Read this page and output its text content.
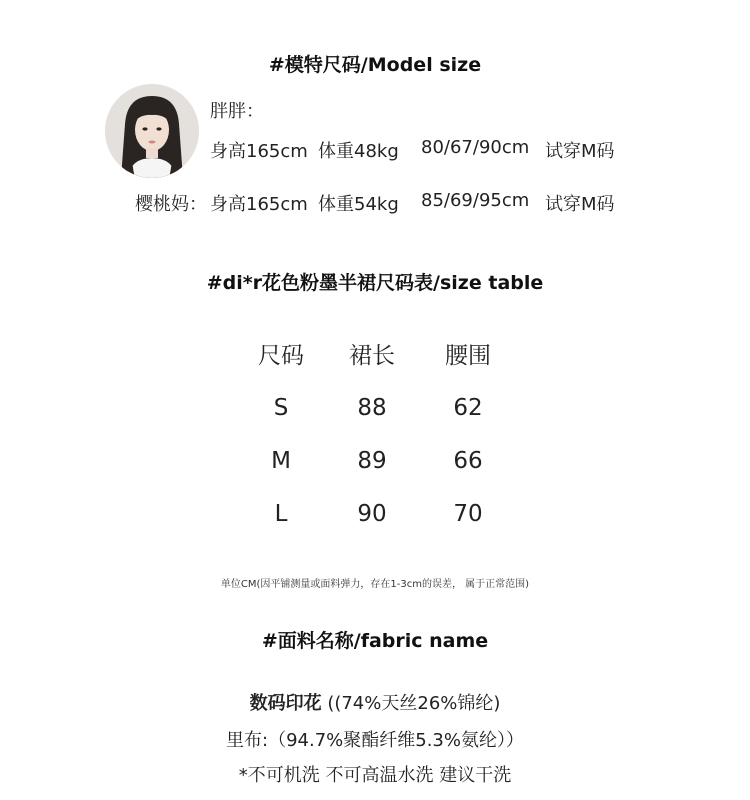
#模特尺码/Model size
胖胖：
身高165cm 体重48kg 80/67/90cm 试穿M码
樱桃妈： 身高165cm 体重54kg 85/69/95cm 试穿M码
#di*r花色粉墨半裙尺码表/size table
尺码	裙长	腰围
S	88	62
M	89	66
L	90	70
单位CM(因平铺测量或面料弹力，存在1-3cm的误差， 属于正常范围)
#面料名称/fabric name
数码印花 ((74%天丝26%锦纶)
里布:（94.7%聚酯纤维5.3%氨纶））
*不可机洗 不可高温水洗 建议干洗
